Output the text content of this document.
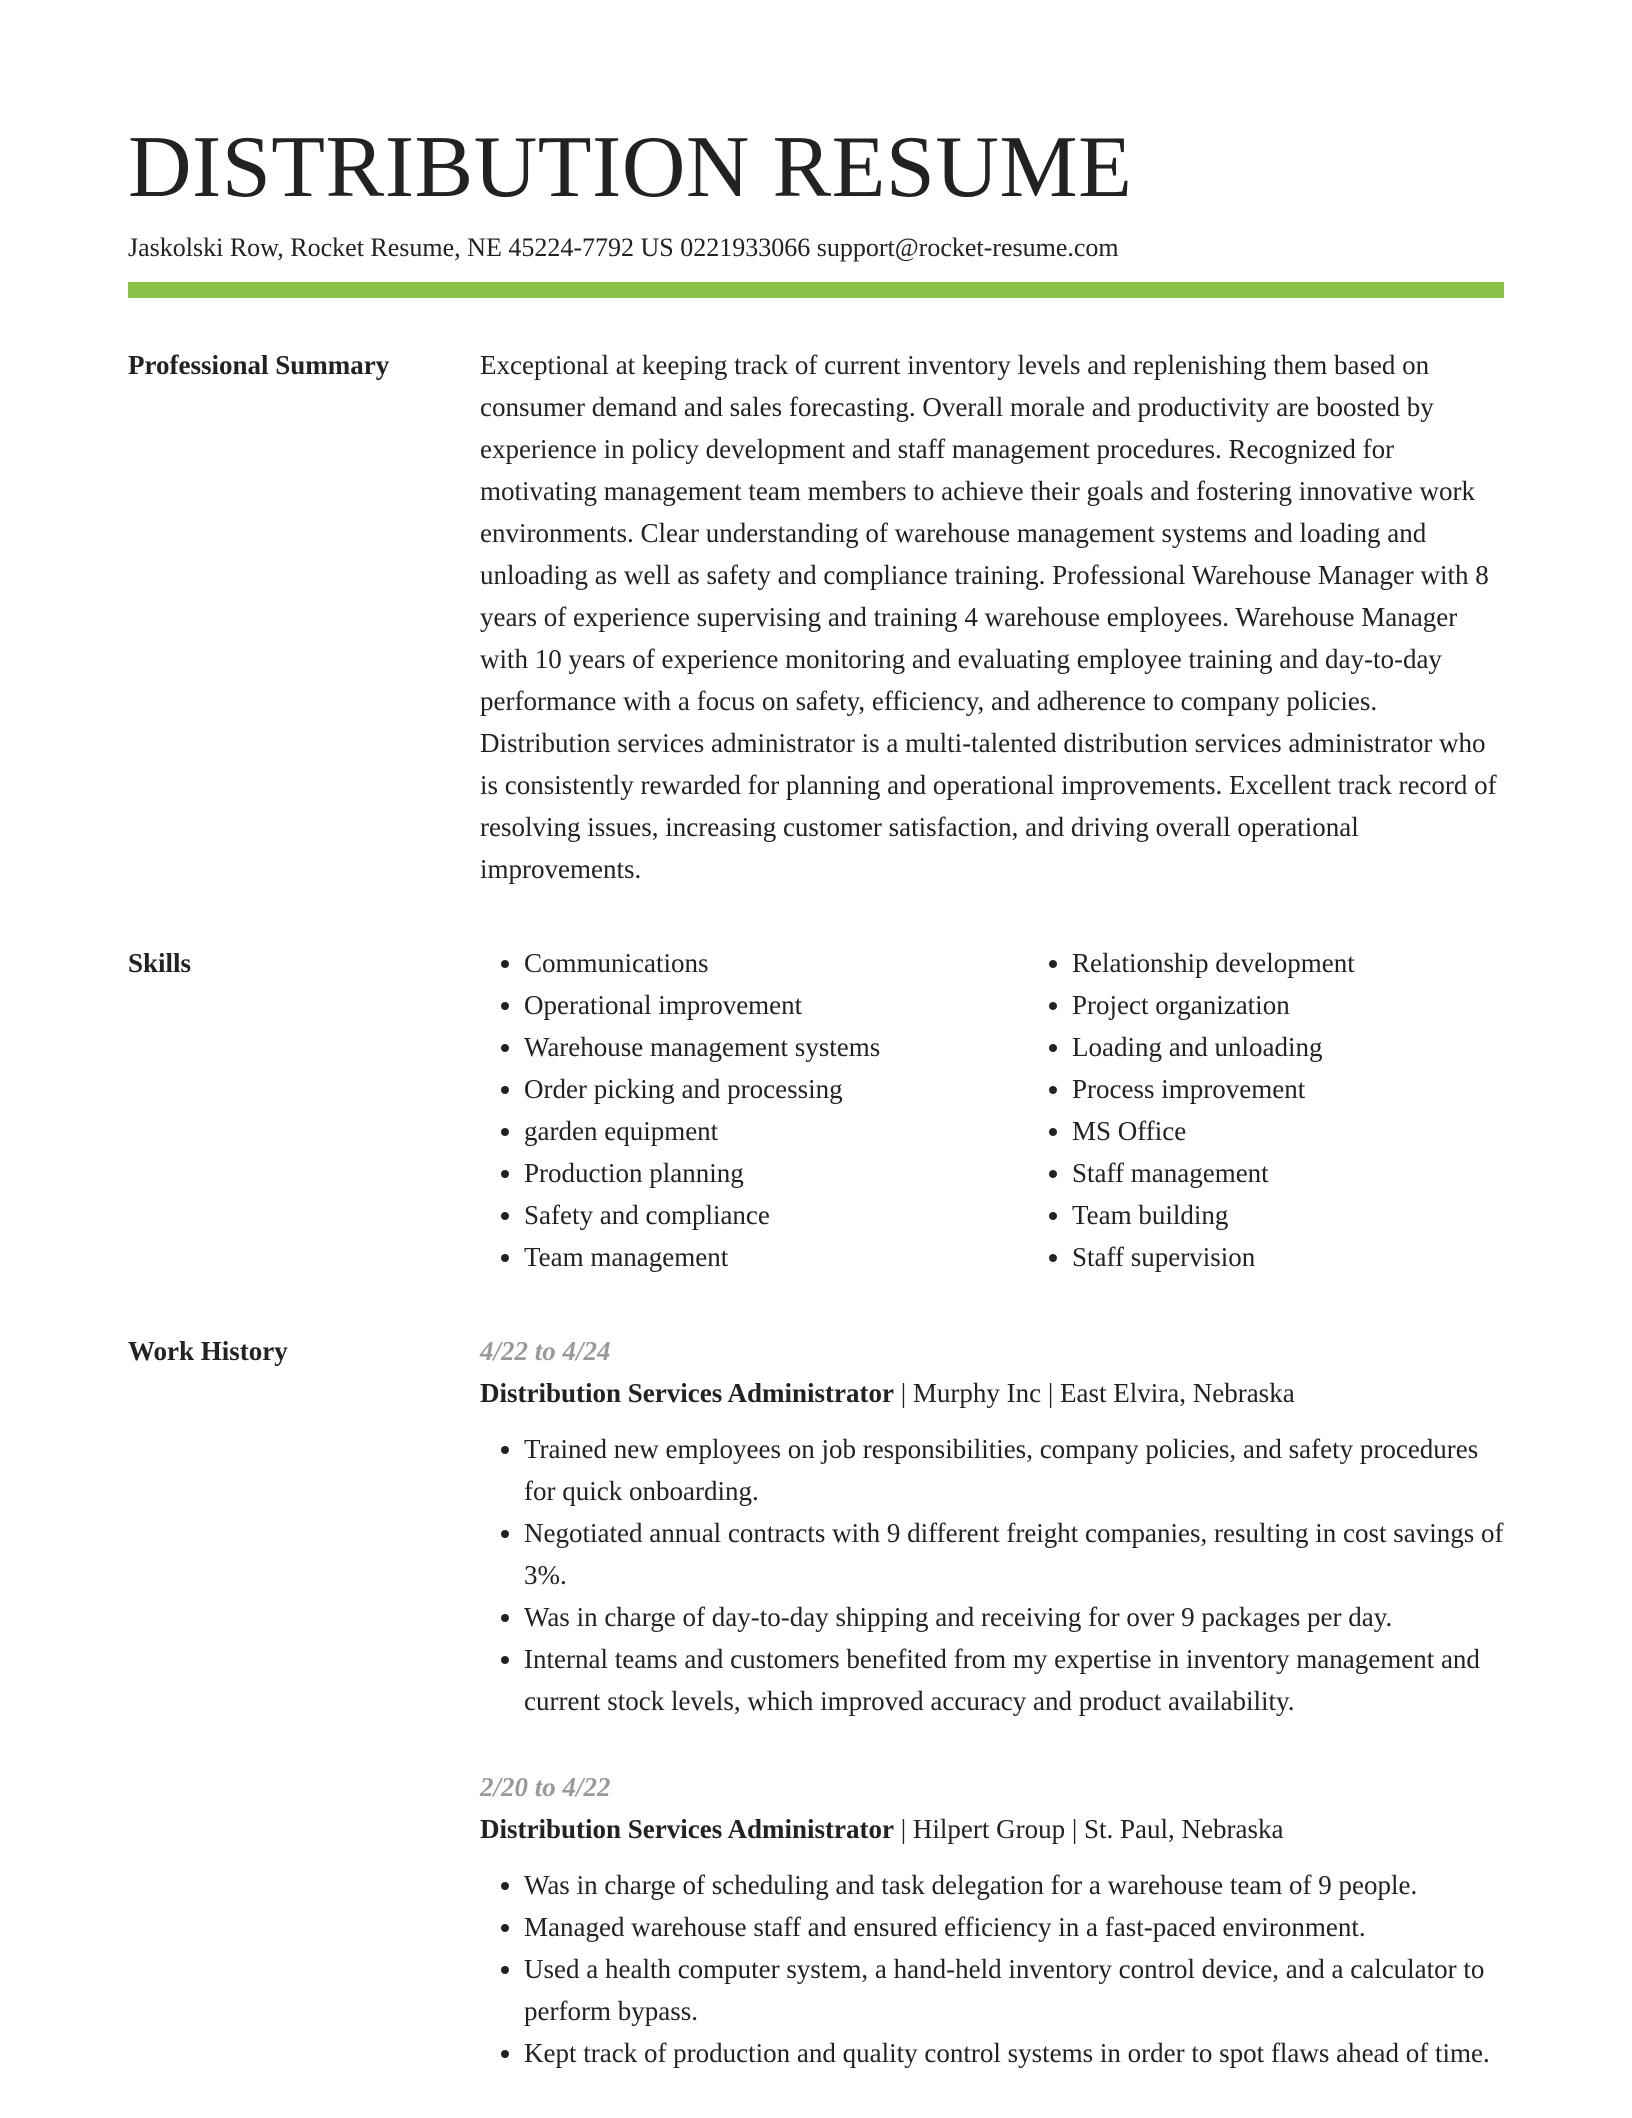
DISTRIBUTION RESUME
Jaskolski Row, Rocket Resume, NE 45224-7792 US 0221933066 support@rocket-resume.com
Professional Summary	Exceptional at keeping track of current inventory levels and replenishing them based on consumer demand and sales forecasting. Overall morale and productivity are boosted by experience in policy development and staff management procedures. Recognized for motivating management team members to achieve their goals and fostering innovative work environments. Clear understanding of warehouse management systems and loading and unloading as well as safety and compliance training. Professional Warehouse Manager with 8 years of experience supervising and training 4 warehouse employees. Warehouse Manager with 10 years of experience monitoring and evaluating employee training and day-to-day performance with a focus on safety, efficiency, and adherence to company policies. Distribution services administrator is a multi-talented distribution services administrator who is consistently rewarded for planning and operational improvements. Excellent track record of resolving issues, increasing customer satisfaction, and driving overall operational improvements.

Skills
•	Communications
• Operational improvement
• Warehouse management systems
• Order picking and processing
• garden equipment
• Production planning
• Safety and compliance
• Team management
• Relationship development
• Project organization
• Loading and unloading
• Process improvement
• MS Office
• Staff management
• Team building
• Staff supervision
Work History	4/22 to 4/24
Distribution Services Administrator | Murphy Inc | East Elvira, Nebraska
• Trained new employees on job responsibilities, company policies, and safety procedures for quick onboarding.
• Negotiated annual contracts with 9 different freight companies, resulting in cost savings of 3%.
• Was in charge of day-to-day shipping and receiving for over 9 packages per day.
• Internal teams and customers benefited from my expertise in inventory management and current stock levels, which improved accuracy and product availability.
2/20 to 4/22
Distribution Services Administrator | Hilpert Group | St. Paul, Nebraska
• Was in charge of scheduling and task delegation for a warehouse team of 9 people.
• Managed warehouse staff and ensured efficiency in a fast-paced environment.
• Used a health computer system, a hand-held inventory control device, and a calculator to perform bypass.
• Kept track of production and quality control systems in order to spot flaws ahead of time.
